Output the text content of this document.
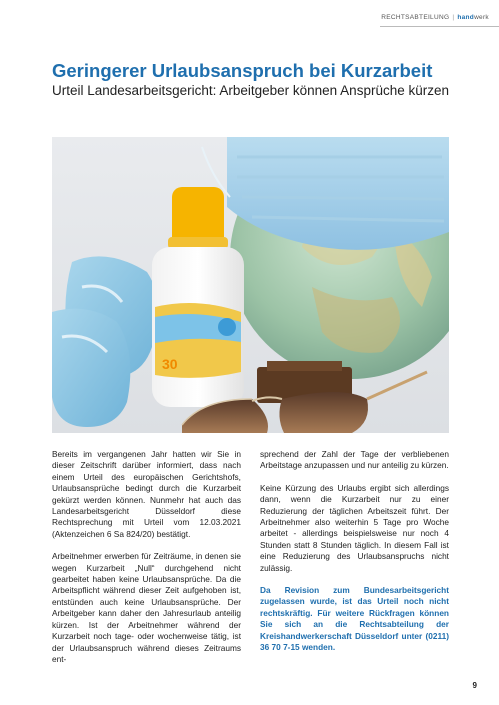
RECHTSABTEILUNG | handwerk
Geringerer Urlaubsanspruch bei Kurzarbeit
Urteil Landesarbeitsgericht: Arbeitgeber können Ansprüche kürzen
30

Bereits im vergangenen Jahr hatten wir Sie in dieser Zeitschrift darüber informiert, dass nach einem Urteil des europäischen Gerichtshofs, Urlaubsansprüche bedingt durch die Kurzarbeit gekürzt werden können. Nunmehr hat auch das Landesarbeitsgericht Düsseldorf diese Rechtsprechung mit Urteil vom 12.03.2021 (Aktenzeichen 6 Sa 824/20) bestätigt.

Arbeitnehmer erwerben für Zeiträume, in denen sie wegen Kurzarbeit „Null“ durchgehend nicht gearbeitet haben keine Urlaubsansprüche. Da die Arbeitspflicht während dieser Zeit aufgehoben ist, entstünden auch keine Urlaubsansprüche. Der Arbeitgeber kann daher den Jahresurlaub anteilig kürzen. Ist der Arbeitnehmer während der Kurzarbeit noch tage- oder wochenweise tätig, ist der Urlaubsanspruch während dieses Zeitraums ent-

sprechend der Zahl der Tage der verbliebenen Arbeitstage anzupassen und nur anteilig zu kürzen.

Keine Kürzung des Urlaubs ergibt sich allerdings dann, wenn die Kurzarbeit nur zu einer Reduzierung der täglichen Arbeitszeit führt. Der Arbeitnehmer also weiterhin 5 Tage pro Woche arbeitet - allerdings beispielsweise nur noch 4 Stunden statt 8 Stunden täglich. In diesem Fall ist eine Reduzierung des Urlaubsanspruchs nicht zulässig.

Da Revision zum Bundesarbeitsgericht zugelassen wurde, ist das Urteil noch nicht rechtskräftig. Für weitere Rückfragen können Sie sich an die Rechtsabteilung der Kreishandwerkerschaft Düsseldorf unter (0211) 36 70 7-15 wenden.

9
